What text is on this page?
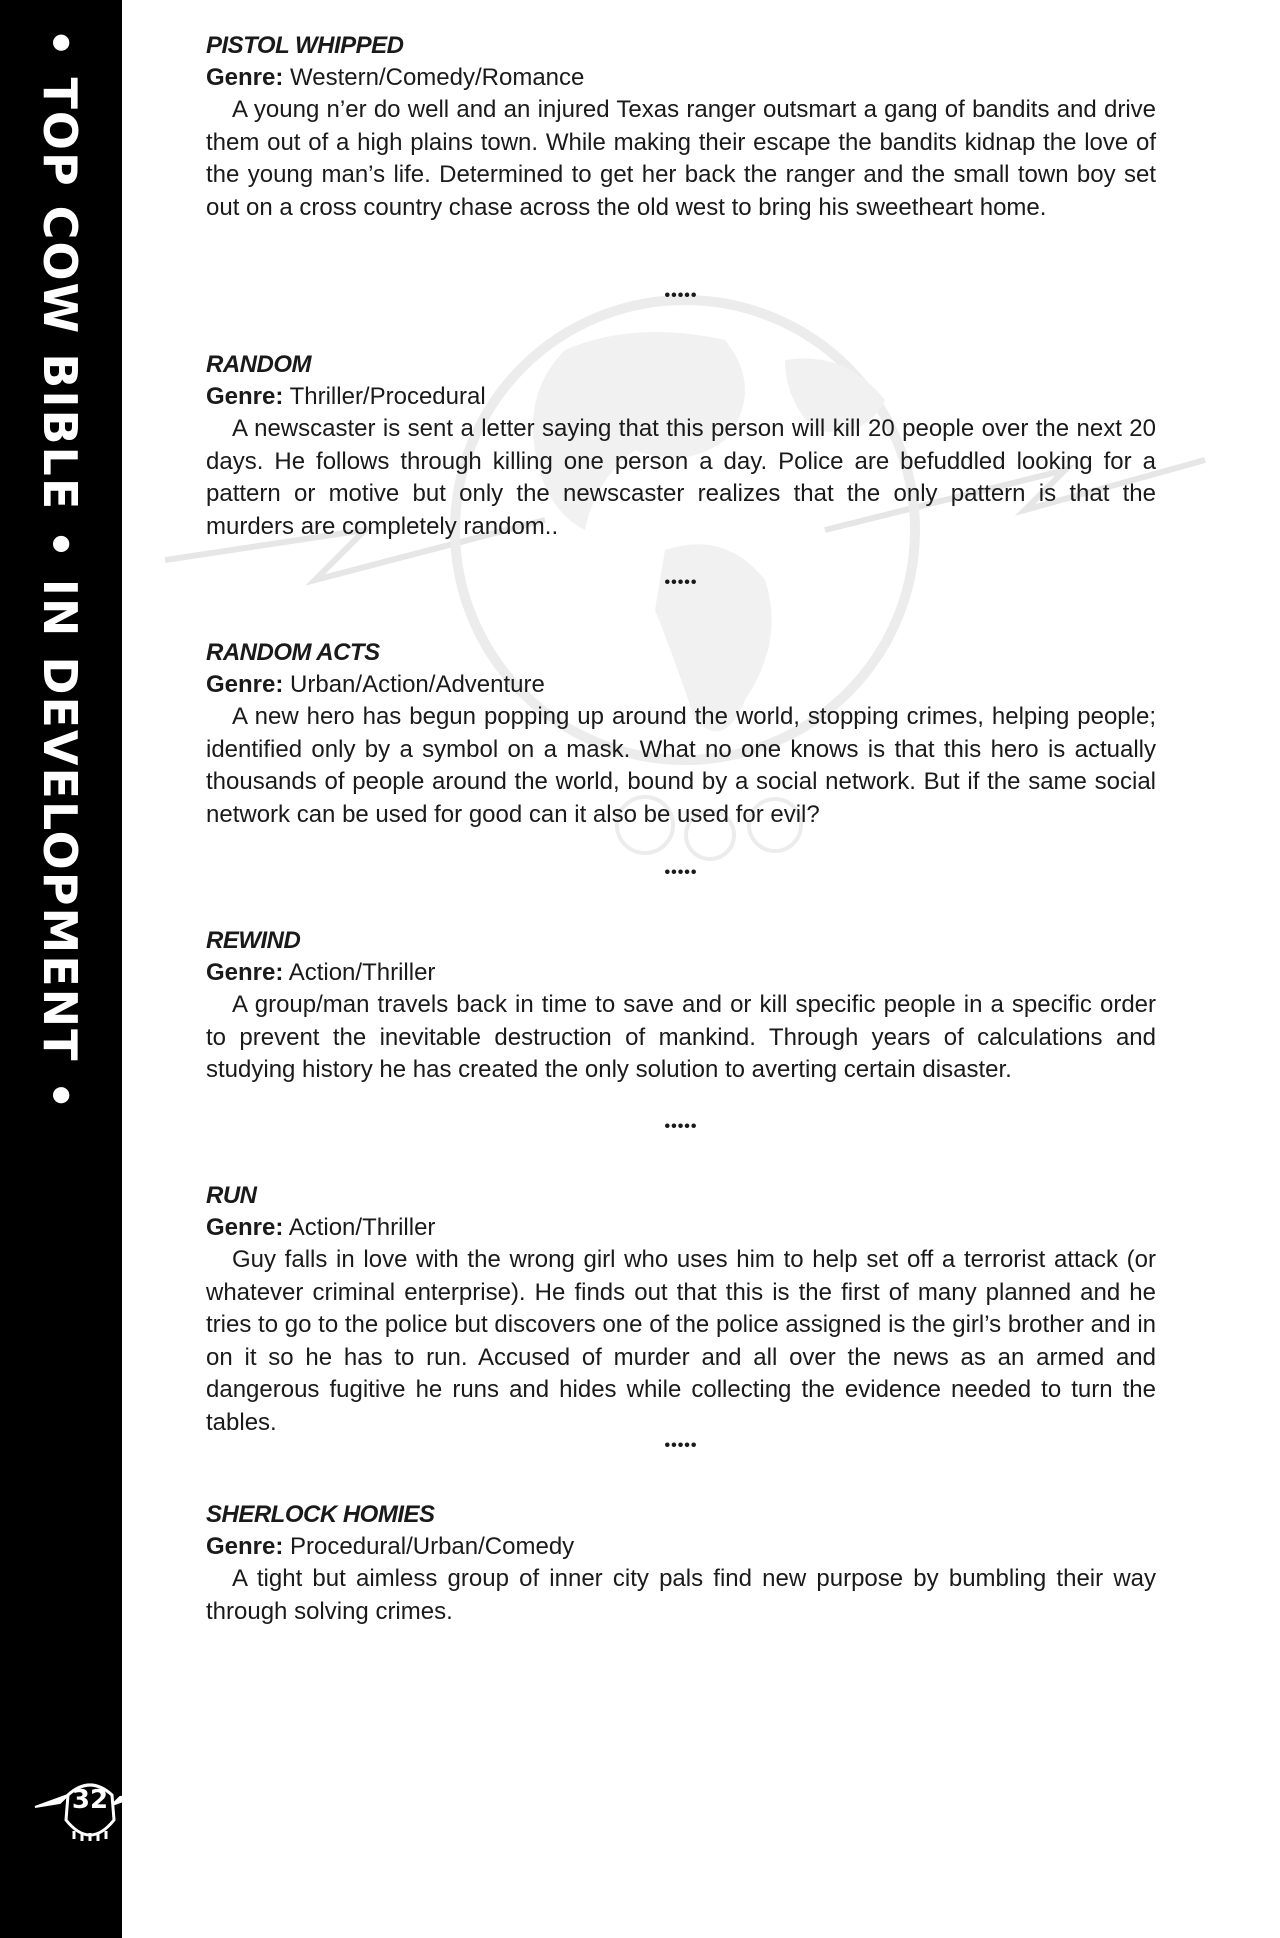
• TOP COW BIBLE • IN DEVELOPMENT •
32
PISTOL WHIPPED
Genre: Western/Comedy/Romance

A young n’er do well and an injured Texas ranger outsmart a gang of bandits and drive them out of a high plains town. While making their escape the bandits kidnap the love of the young man’s life. Determined to get her back the ranger and the small town boy set out on a cross country chase across the old west to bring his sweetheart home.

•••••
RANDOM
Genre: Thriller/Procedural

A newscaster is sent a letter saying that this person will kill 20 people over the next 20 days. He follows through killing one person a day. Police are befuddled looking for a pattern or motive but only the newscaster realizes that the only pattern is that the murders are completely random..

•••••
RANDOM ACTS
Genre: Urban/Action/Adventure

A new hero has begun popping up around the world, stopping crimes, helping people; identified only by a symbol on a mask. What no one knows is that this hero is actually thousands of people around the world, bound by a social network. But if the same social network can be used for good can it also be used for evil?

•••••
REWIND
Genre: Action/Thriller

A group/man travels back in time to save and or kill specific people in a specific order to prevent the inevitable destruction of mankind. Through years of calculations and studying history he has created the only solution to averting certain disaster.

•••••
RUN
Genre: Action/Thriller

Guy falls in love with the wrong girl who uses him to help set off a terrorist attack (or whatever criminal enterprise). He finds out that this is the first of many planned and he tries to go to the police but discovers one of the police assigned is the girl’s brother and in on it so he has to run. Accused of murder and all over the news as an armed and dangerous fugitive he runs and hides while collecting the evidence needed to turn the tables.

•••••
SHERLOCK HOMIES
Genre: Procedural/Urban/Comedy

A tight but aimless group of inner city pals find new purpose by bumbling their way through solving crimes.
